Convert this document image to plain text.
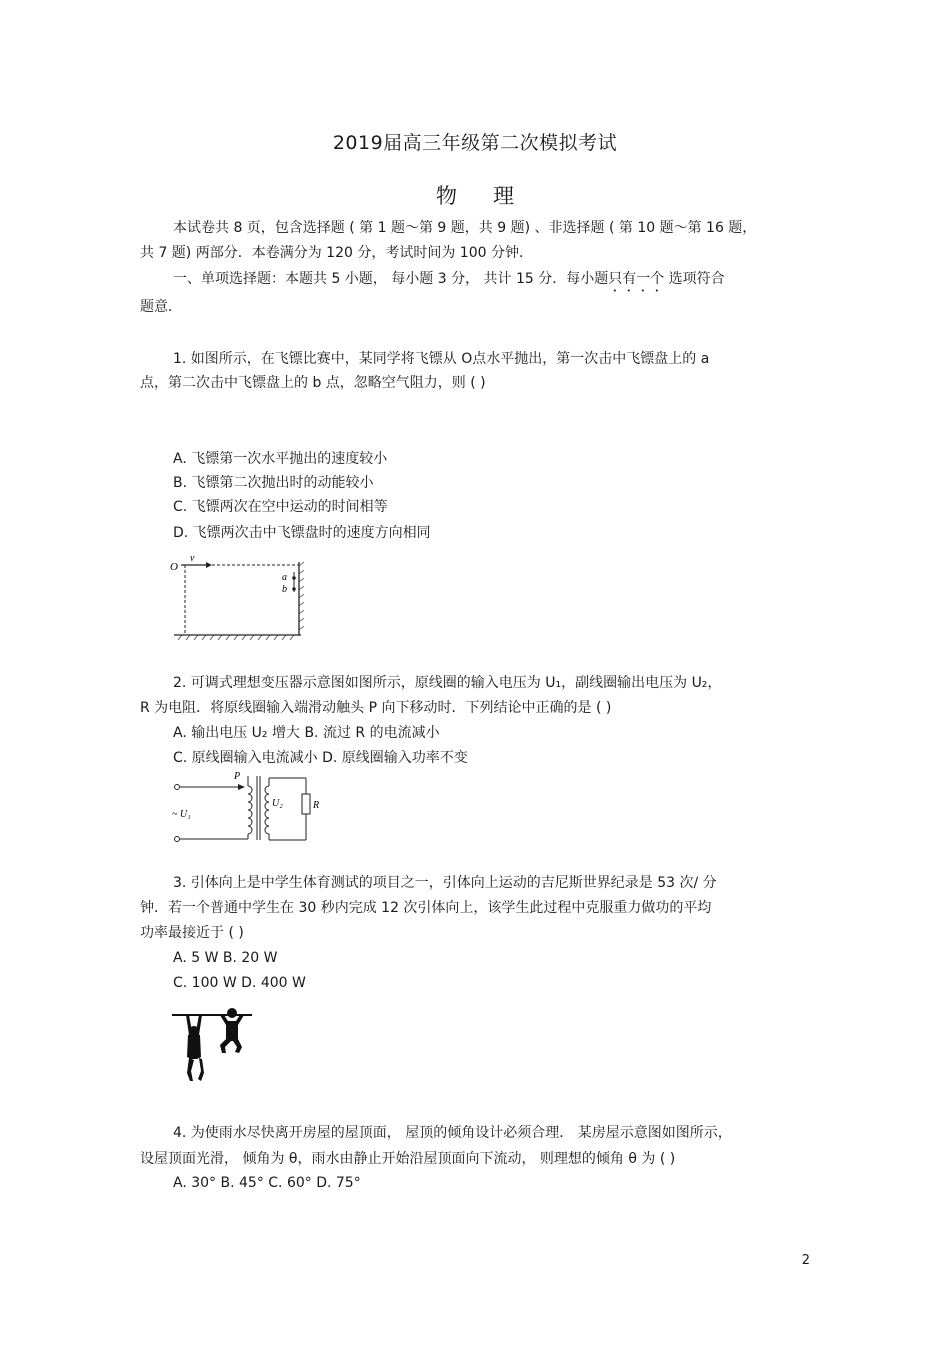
2019届高三年级第二次模拟考试
物理
本试卷共 8 页，包含选择题 ( 第 1 题～第 9 题，共 9 题) 、非选择题 ( 第 10 题～第 16 题，
共 7 题) 两部分．本卷满分为 120 分，考试时间为 100 分钟．
一、单项选择题：本题共 5 小题， 每小题 3 分， 共计 15 分．每小题只有一个 选项符合
题意．
1. 如图所示，在飞镖比赛中，某同学将飞镖从 O点水平抛出，第一次击中飞镖盘上的 a
点，第二次击中飞镖盘上的 b 点，忽略空气阻力，则 ( )
A. 飞镖第一次水平抛出的速度较小
B. 飞镖第二次抛出时的动能较小
C. 飞镖两次在空中运动的时间相等
D. 飞镖两次击中飞镖盘时的速度方向相同
O
v
a
b
2. 可调式理想变压器示意图如图所示，原线圈的输入电压为 U₁，副线圈输出电压为 U₂，
R 为电阻．将原线圈输入端滑动触头 P 向下移动时．下列结论中正确的是 ( )
A. 输出电压 U₂ 增大 B. 流过 R 的电流减小
C. 原线圈输入电流减小 D. 原线圈输入功率不变
P
~ U₁
U₂	R
3. 引体向上是中学生体育测试的项目之一，引体向上运动的吉尼斯世界纪录是 53 次/ 分
钟．若一个普通中学生在 30 秒内完成 12 次引体向上，该学生此过程中克服重力做功的平均
功率最接近于 ( )
A. 5 W B. 20 W
C. 100 W D. 400 W
4. 为使雨水尽快离开房屋的屋顶面， 屋顶的倾角设计必须合理． 某房屋示意图如图所示，
设屋顶面光滑， 倾角为 θ，雨水由静止开始沿屋顶面向下流动， 则理想的倾角 θ 为 ( )
A. 30° B. 45° C. 60° D. 75°
2
